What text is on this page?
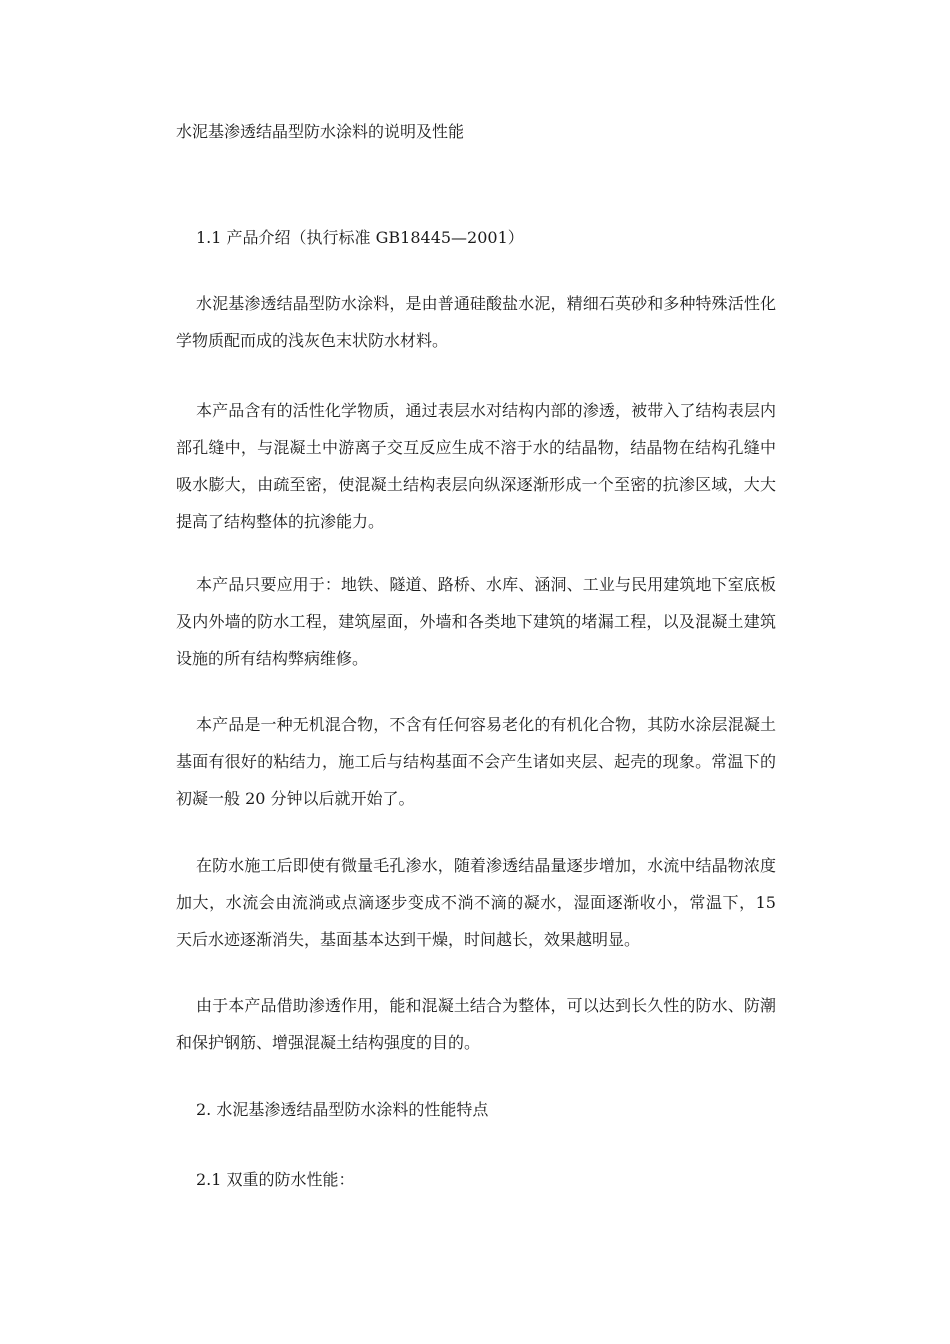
水泥基渗透结晶型防水涂料的说明及性能
1.1 产品介绍（执行标准 GB18445—2001）
水泥基渗透结晶型防水涂料，是由普通硅酸盐水泥，精细石英砂和多种特殊活性化学物质配而成的浅灰色末状防水材料。
本产品含有的活性化学物质，通过表层水对结构内部的渗透，被带入了结构表层内部孔缝中，与混凝土中游离子交互反应生成不溶于水的结晶物，结晶物在结构孔缝中吸水膨大，由疏至密，使混凝土结构表层向纵深逐渐形成一个至密的抗渗区域，大大提高了结构整体的抗渗能力。
本产品只要应用于：地铁、隧道、路桥、水库、涵洞、工业与民用建筑地下室底板及内外墙的防水工程，建筑屋面，外墙和各类地下建筑的堵漏工程，以及混凝土建筑设施的所有结构弊病维修。
本产品是一种无机混合物，不含有任何容易老化的有机化合物，其防水涂层混凝土基面有很好的粘结力，施工后与结构基面不会产生诸如夹层、起壳的现象。常温下的初凝一般 20 分钟以后就开始了。
在防水施工后即使有微量毛孔渗水，随着渗透结晶量逐步增加，水流中结晶物浓度加大，水流会由流淌或点滴逐步变成不淌不滴的凝水，湿面逐渐收小，常温下，15 天后水迹逐渐消失，基面基本达到干燥，时间越长，效果越明显。
由于本产品借助渗透作用，能和混凝土结合为整体，可以达到长久性的防水、防潮和保护钢筋、增强混凝土结构强度的目的。
2. 水泥基渗透结晶型防水涂料的性能特点
2.1 双重的防水性能：
